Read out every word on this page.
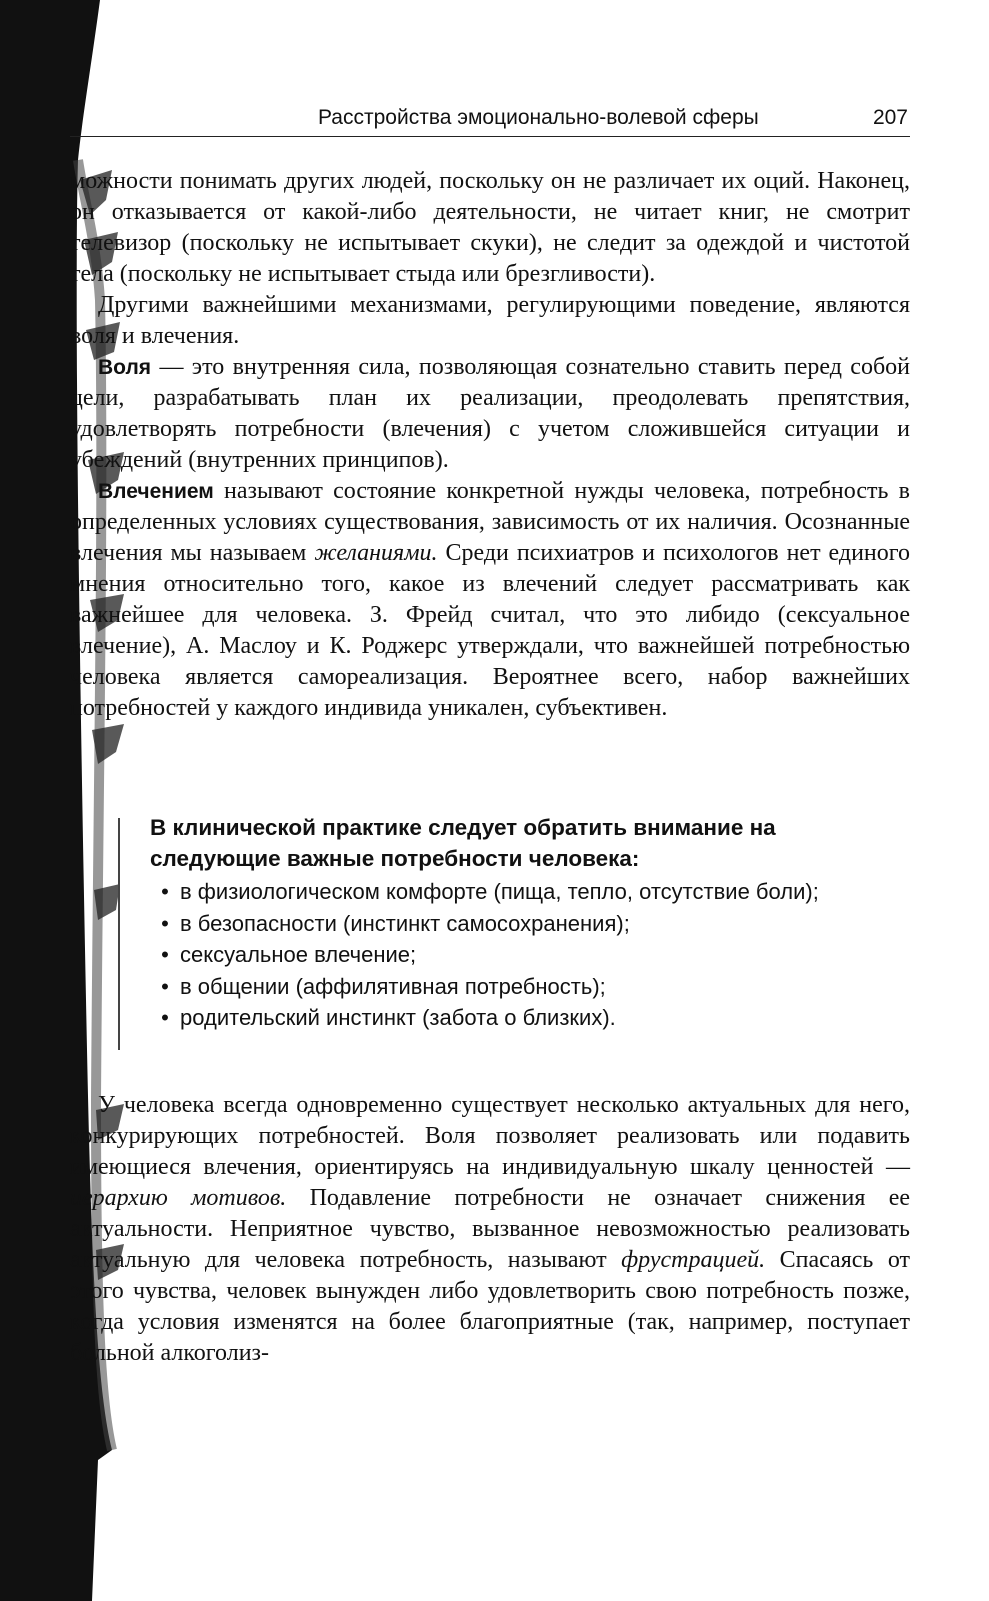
Расстройства эмоционально-волевой сферы	207

можности понимать других людей, поскольку он не различает их оций. Наконец, он отказывается от какой-либо деятельности, не читает книг, не смотрит телевизор (поскольку не испытывает скуки), не следит за одеждой и чистотой тела (поскольку не испытывает стыда или брезгливости).

Другими важнейшими механизмами, регулирующими поведение, являются воля и влечения.

Воля — это внутренняя сила, позволяющая сознательно ставить перед собой цели, разрабатывать план их реализации, преодолевать препятствия, удовлетворять потребности (влечения) с учетом сложившейся ситуации и убеждений (внутренних принципов).

Влечением называют состояние конкретной нужды человека, потребность в определенных условиях существования, зависимость от их наличия. Осознанные влечения мы называем желаниями. Среди психиатров и психологов нет единого мнения относительно того, какое из влечений следует рассматривать как важнейшее для человека. З. Фрейд считал, что это либидо (сексуальное влечение), А. Маслоу и К. Роджерс утверждали, что важнейшей потребностью человека является самореализация. Вероятнее всего, набор важнейших потребностей у каждого индивида уникален, субъективен.

В клинической практике следует обратить внимание на следующие важные потребности человека:

• в физиологическом комфорте (пища, тепло, отсутствие боли);
• в безопасности (инстинкт самосохранения);
• сексуальное влечение;
• в общении (аффилятивная потребность);
• родительский инстинкт (забота о близких).

У человека всегда одновременно существует несколько актуальных для него, конкурирующих потребностей. Воля позволяет реализовать или подавить имеющиеся влечения, ориентируясь на индивидуальную шкалу ценностей — иерархию мотивов. Подавление потребности не означает снижения ее актуальности. Неприятное чувство, вызванное невозможностью реализовать актуальную для человека потребность, называют фрустрацией. Спасаясь от этого чувства, человек вынужден либо удовлетворить свою потребность позже, когда условия изменятся на более благоприятные (так, например, поступает больной алкоголиз-
